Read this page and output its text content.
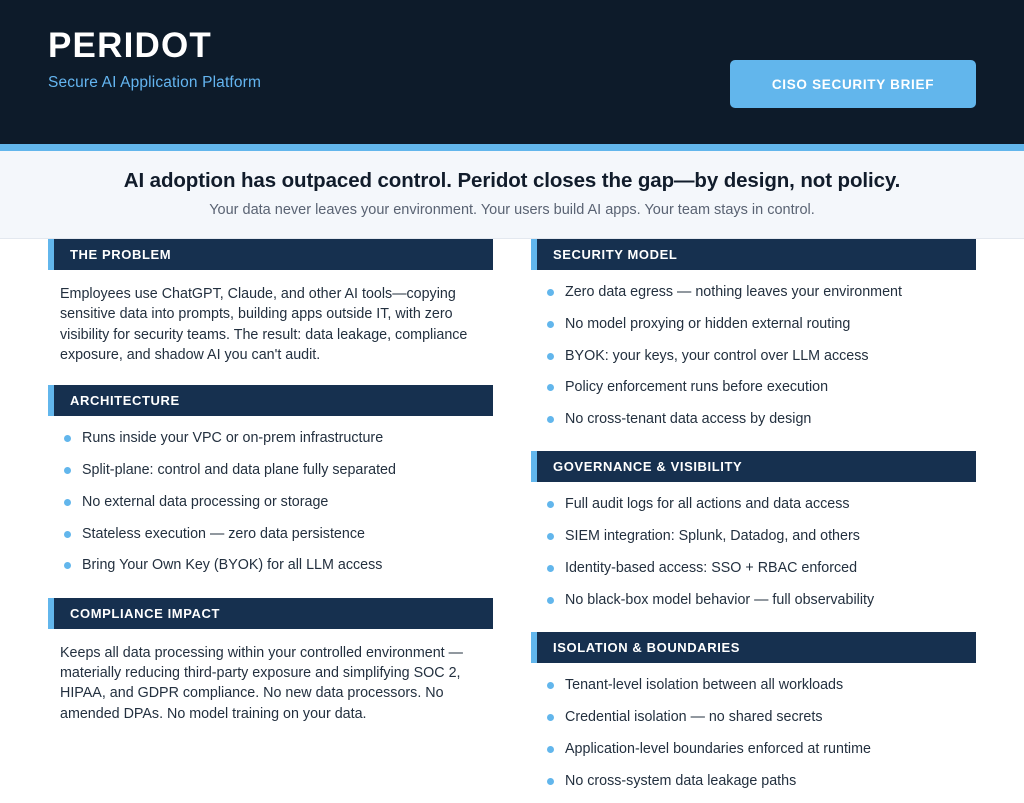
PERIDOT
Secure AI Application Platform	CISO SECURITY BRIEF
AI adoption has outpaced control. Peridot closes the gap—by design, not policy.
Your data never leaves your environment. Your users build AI apps. Your team stays in control.
THE PROBLEM

Employees use ChatGPT, Claude, and other AI tools—copying sensitive data into prompts, building apps outside IT, with zero visibility for security teams. The result: data leakage, compliance exposure, and shadow AI you can't audit.

ARCHITECTURE
Runs inside your VPC or on-prem infrastructure
Split-plane: control and data plane fully separated
No external data processing or storage
Stateless execution — zero data persistence
Bring Your Own Key (BYOK) for all LLM access
COMPLIANCE IMPACT

Keeps all data processing within your controlled environment — materially reducing third-party exposure and simplifying SOC 2, HIPAA, and GDPR compliance. No new data processors. No amended DPAs. No model training on your data.

SECURITY MODEL
Zero data egress — nothing leaves your environment
No model proxying or hidden external routing
BYOK: your keys, your control over LLM access
Policy enforcement runs before execution
No cross-tenant data access by design
GOVERNANCE & VISIBILITY
Full audit logs for all actions and data access
SIEM integration: Splunk, Datadog, and others
Identity-based access: SSO + RBAC enforced
No black-box model behavior — full observability
ISOLATION & BOUNDARIES
Tenant-level isolation between all workloads
Credential isolation — no shared secrets
Application-level boundaries enforced at runtime
No cross-system data leakage paths
